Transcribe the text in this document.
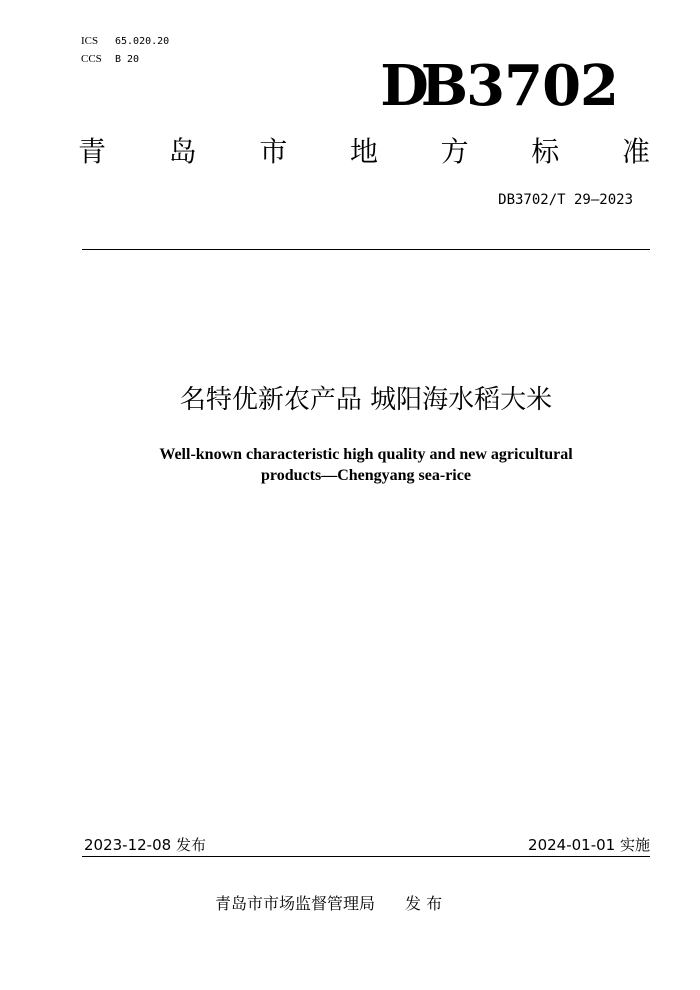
ICS 65.020.20
CCS B 20	DB 3702
青 岛 市 地 方 标 准
DB3702/T 29—2023
名特优新农产品 城阳海水稻大米
Well-known characteristic high quality and new agricultural
products—Chengyang sea-rice
2023-12-08 发布	2024-01-01 实施
青岛市市场监督管理局 发 布
